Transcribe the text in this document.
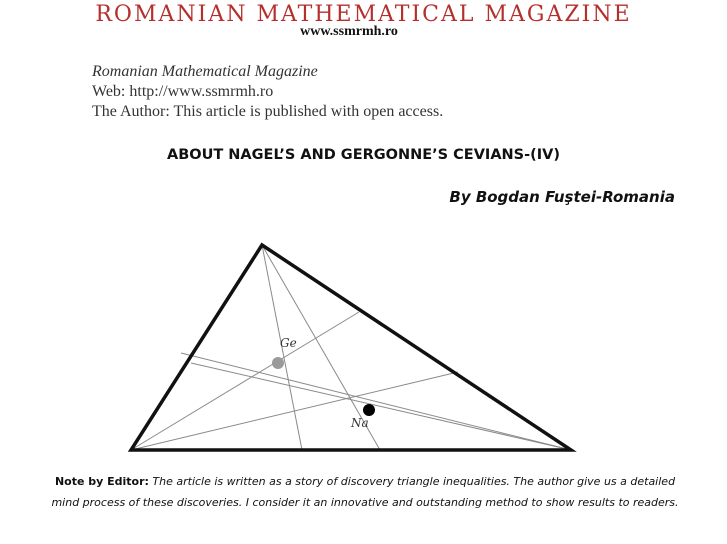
ROMANIAN MATHEMATICAL MAGAZINE
www.ssmrmh.ro
Romanian Mathematical Magazine
Web: http://www.ssmrmh.ro
The Author: This article is published with open access.
ABOUT NAGEL’S AND GERGONNE’S CEVIANS-(IV)
By Bogdan Fuştei-Romania
Ge
Na
Note by Editor: The article is written as a story of discovery triangle inequalities. The author give us a detailed mind process of these discoveries. I consider it an innovative and outstanding method to show results to readers.
